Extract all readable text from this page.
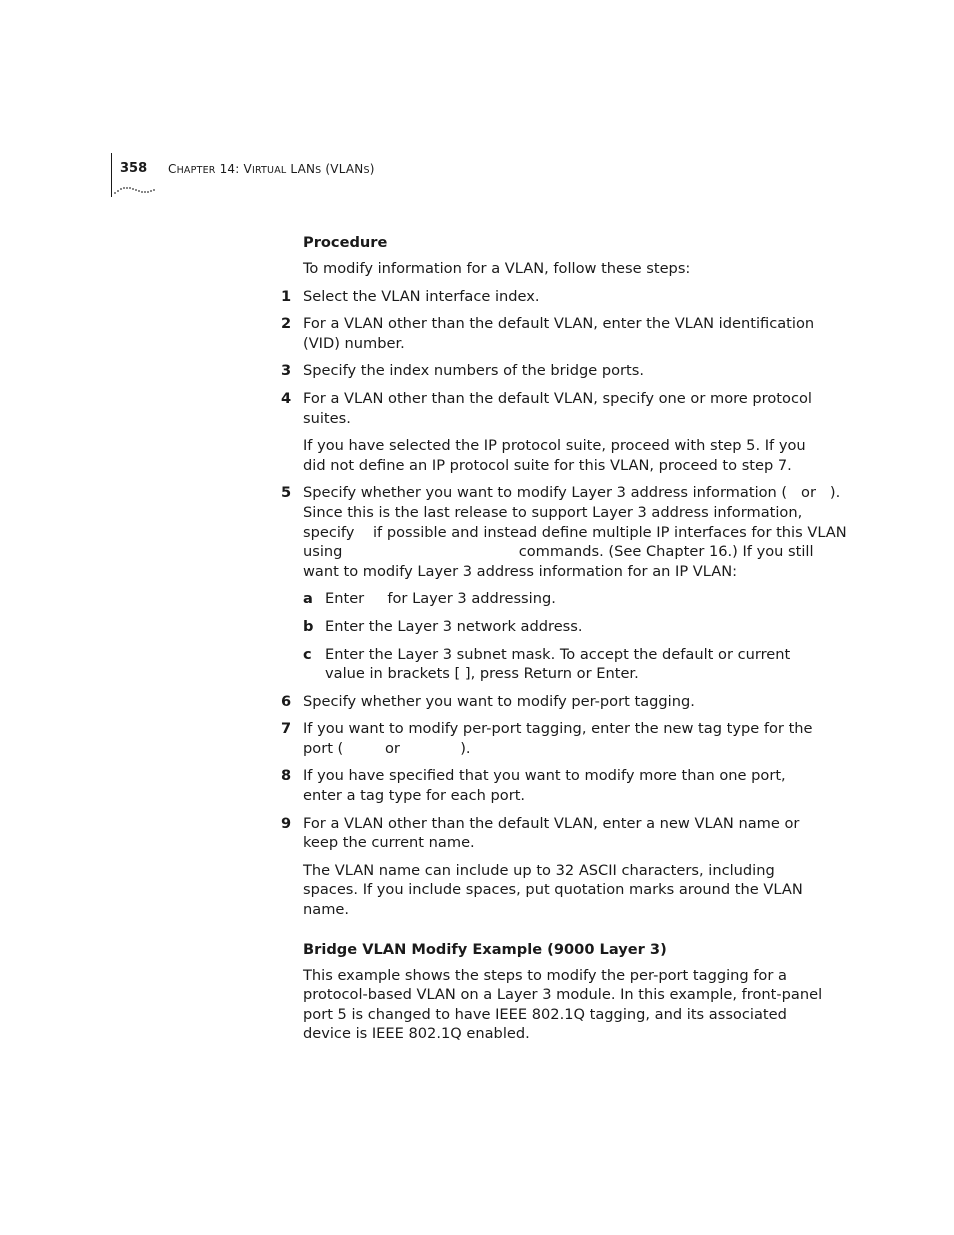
358 CHAPTER 14: VIRTUAL LANS (VLANS)
Procedure

To modify information for a VLAN, follow these steps:

1 Select the VLAN interface index.

2 For a VLAN other than the default VLAN, enter the VLAN identification (VID) number.

3 Specify the index numbers of the bridge ports.

4 For a VLAN other than the default VLAN, specify one or more protocol suites.

If you have selected the IP protocol suite, proceed with step 5. If you did not define an IP protocol suite for this VLAN, proceed to step 7.

5 Specify whether you want to modify Layer 3 address information (   or   ).

Since this is the last release to support Layer 3 address information,

specify    if possible and instead define multiple IP interfaces for this VLAN

using                                      commands. (See Chapter 16.) If you still

want to modify Layer 3 address information for an IP VLAN:

a Enter     for Layer 3 addressing.

b Enter the Layer 3 network address.

c Enter the Layer 3 subnet mask. To accept the default or current value in brackets [ ], press Return or Enter.

6 Specify whether you want to modify per-port tagging.

7 If you want to modify per-port tagging, enter the new tag type for the

port (         or             ).

8 If you have specified that you want to modify more than one port, enter a tag type for each port.

9 For a VLAN other than the default VLAN, enter a new VLAN name or keep the current name.

The VLAN name can include up to 32 ASCII characters, including spaces. If you include spaces, put quotation marks around the VLAN name.

Bridge VLAN Modify Example (9000 Layer 3)

This example shows the steps to modify the per-port tagging for a protocol-based VLAN on a Layer 3 module. In this example, front-panel port 5 is changed to have IEEE 802.1Q tagging, and its associated device is IEEE 802.1Q enabled.
